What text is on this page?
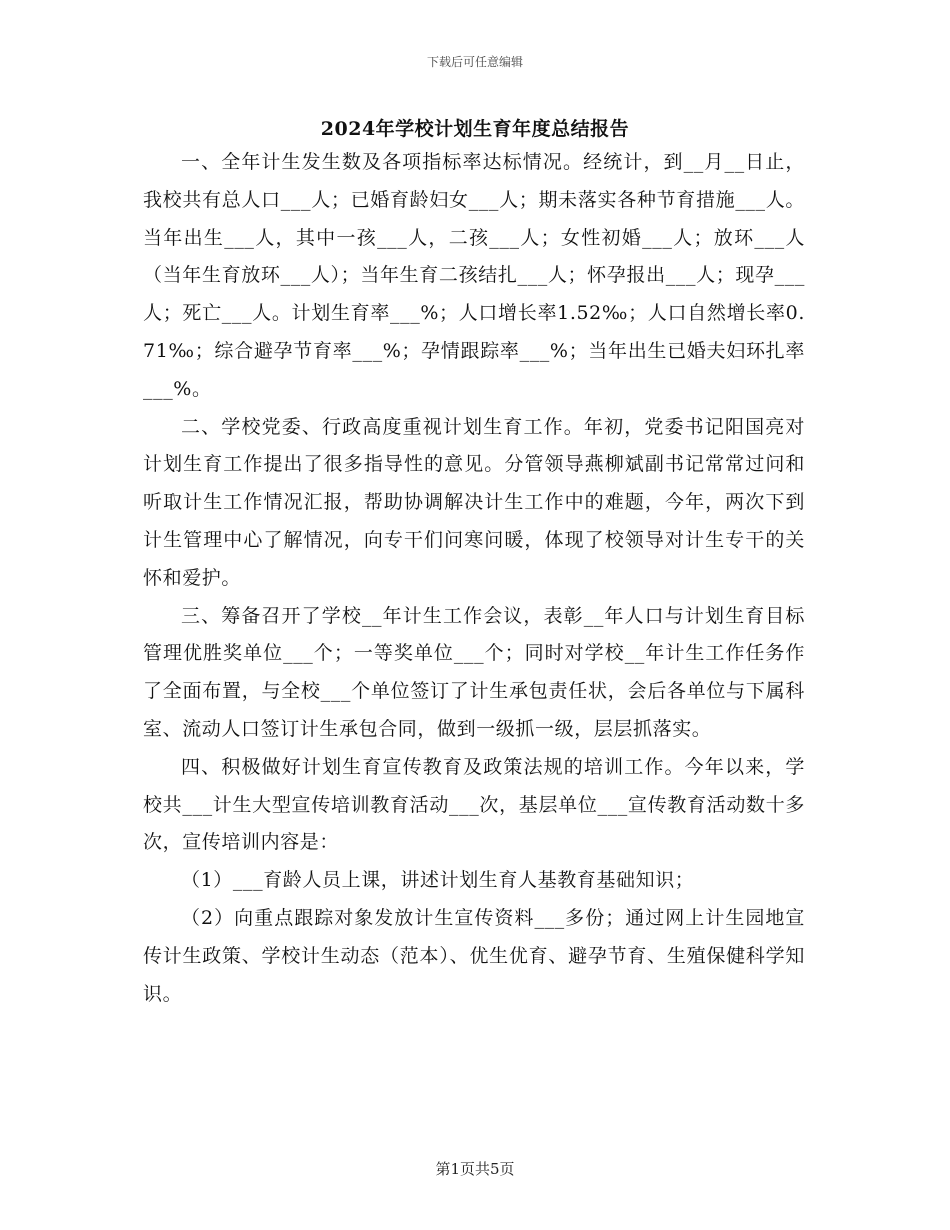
下载后可任意编辑
2024年学校计划生育年度总结报告

一、全年计生发生数及各项指标率达标情况。经统计，到__月__日止，我校共有总人口___人；已婚育龄妇女___人；期未落实各种节育措施___人。当年出生___人，其中一孩___人，二孩___人；女性初婚___人；放环___人（当年生育放环___人）；当年生育二孩结扎___人；怀孕报出___人；现孕___人；死亡___人。计划生育率___%；人口增长率1.52‰；人口自然增长率0.71‰；综合避孕节育率___%；孕情跟踪率___%；当年出生已婚夫妇环扎率___%。

二、学校党委、行政高度重视计划生育工作。年初，党委书记阳国亮对计划生育工作提出了很多指导性的意见。分管领导燕柳斌副书记常常过问和听取计生工作情况汇报，帮助协调解决计生工作中的难题，今年，两次下到计生管理中心了解情况，向专干们问寒问暖，体现了校领导对计生专干的关怀和爱护。

三、筹备召开了学校__年计生工作会议，表彰__年人口与计划生育目标管理优胜奖单位___个；一等奖单位___个；同时对学校__年计生工作任务作了全面布置，与全校___个单位签订了计生承包责任状，会后各单位与下属科室、流动人口签订计生承包合同，做到一级抓一级，层层抓落实。

四、积极做好计划生育宣传教育及政策法规的培训工作。今年以来，学校共___计生大型宣传培训教育活动___次，基层单位___宣传教育活动数十多次，宣传培训内容是：

（1）___育龄人员上课，讲述计划生育人基教育基础知识；

（2）向重点跟踪对象发放计生宣传资料___多份；通过网上计生园地宣传计生政策、学校计生动态（范本）、优生优育、避孕节育、生殖保健科学知识。

第1页共5页
